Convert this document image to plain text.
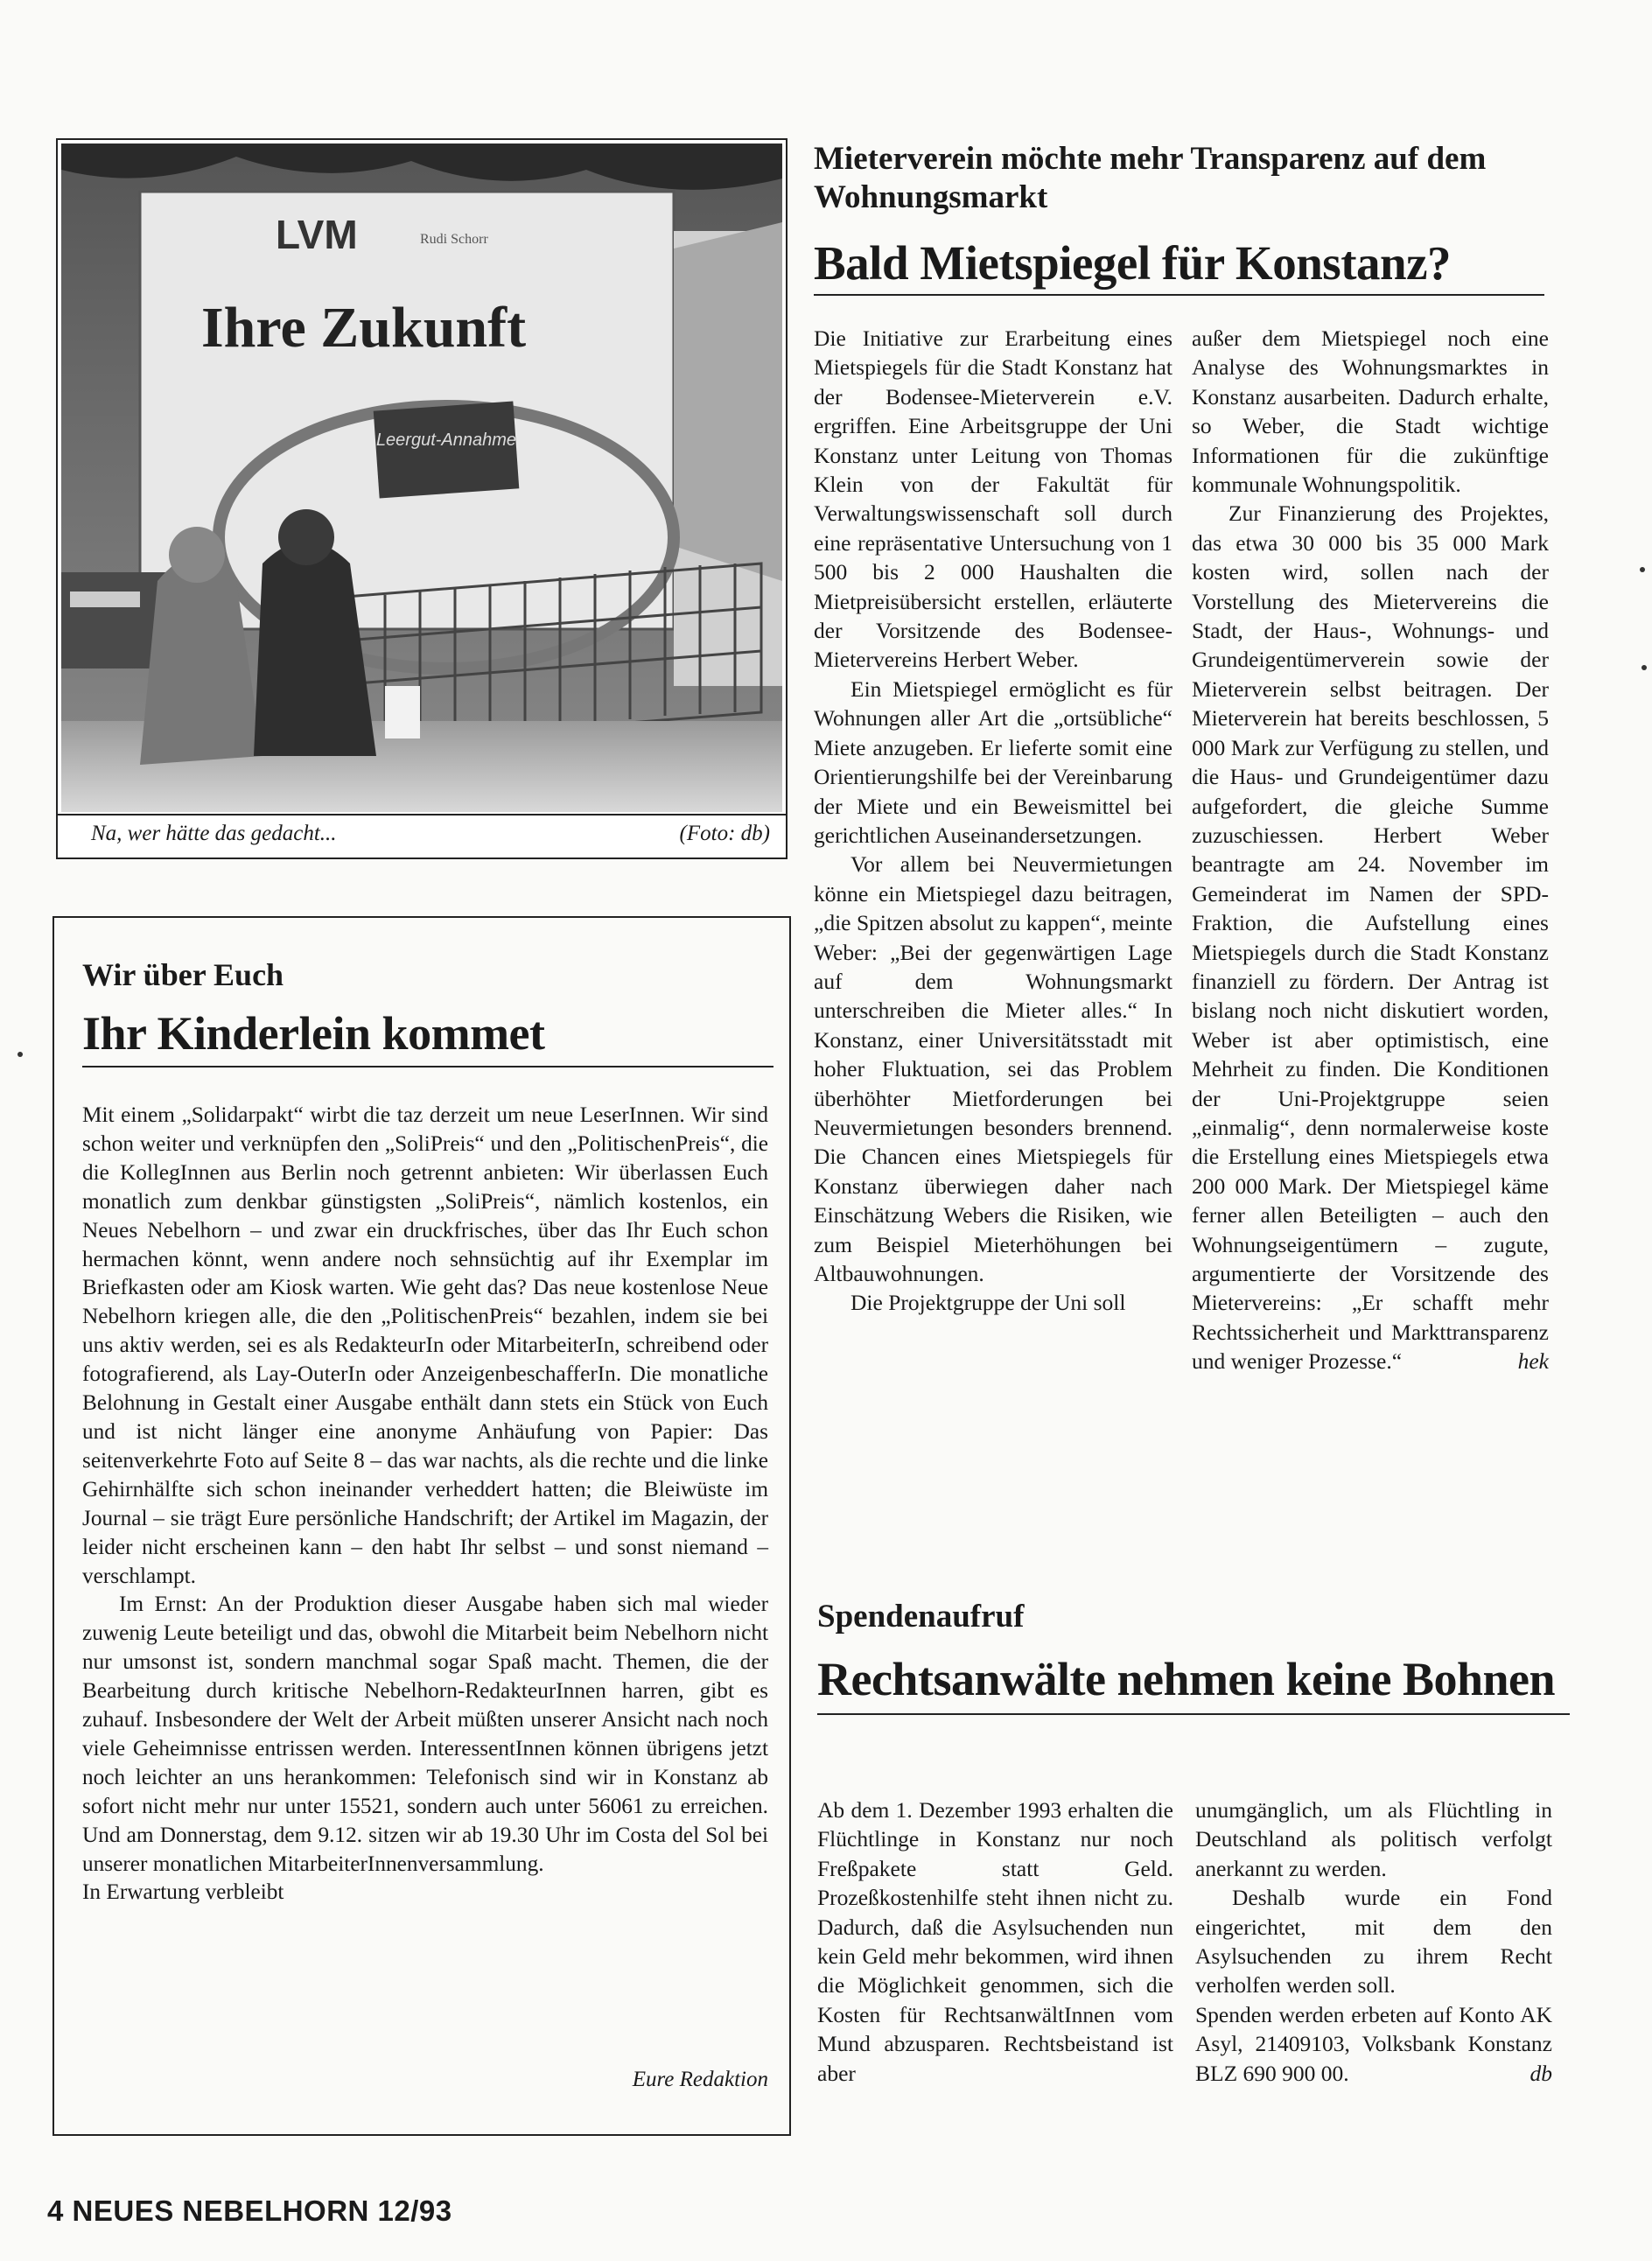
Leergut-Annahme
LVM	Rudi Schorr
Ihre Zukunft
Na, wer hätte das gedacht...	(Foto: db)
Mieterverein möchte mehr Transparenz auf dem Wohnungsmarkt
Bald Mietspiegel für Konstanz?

Die Initiative zur Erarbeitung eines Mietspiegels für die Stadt Konstanz hat der Bodensee-Mieterverein e.V. ergriffen. Eine Arbeitsgruppe der Uni Konstanz unter Leitung von Thomas Klein von der Fakultät für Verwaltungswissenschaft soll durch eine repräsentative Untersuchung von 1 500 bis 2 000 Haushalten die Mietpreisübersicht erstellen, erläuterte der Vorsitzende des Bodensee-Mietervereins Herbert Weber.

Ein Mietspiegel ermöglicht es für Wohnungen aller Art die „ortsübliche“ Miete anzugeben. Er lieferte somit eine Orientierungshilfe bei der Vereinbarung der Miete und ein Beweismittel bei gerichtlichen Auseinandersetzungen.

Vor allem bei Neuvermietungen könne ein Mietspiegel dazu beitragen, „die Spitzen absolut zu kappen“, meinte Weber: „Bei der gegenwärtigen Lage auf dem Wohnungsmarkt unterschreiben die Mieter alles.“ In Konstanz, einer Universitätsstadt mit hoher Fluktuation, sei das Problem überhöhter Mietforderungen bei Neuvermietungen besonders brennend. Die Chancen eines Mietspiegels für Konstanz überwiegen daher nach Einschätzung Webers die Risiken, wie zum Beispiel Mieterhöhungen bei Altbauwohnungen.

Die Projektgruppe der Uni soll

außer dem Mietspiegel noch eine Analyse des Wohnungsmarktes in Konstanz ausarbeiten. Dadurch erhalte, so Weber, die Stadt wichtige Informationen für die zukünftige kommunale Wohnungspolitik.

Zur Finanzierung des Projektes, das etwa 30 000 bis 35 000 Mark kosten wird, sollen nach der Vorstellung des Mietervereins die Stadt, der Haus-, Wohnungs- und Grundeigentümerverein sowie der Mieterverein selbst beitragen. Der Mieterverein hat bereits beschlossen, 5 000 Mark zur Verfügung zu stellen, und die Haus- und Grundeigentümer dazu aufgefordert, die gleiche Summe zuzuschiessen. Herbert Weber beantragte am 24. November im Gemeinderat im Namen der SPD-Fraktion, die Aufstellung eines Mietspiegels durch die Stadt Konstanz finanziell zu fördern. Der Antrag ist bislang noch nicht diskutiert worden, Weber ist aber optimistisch, eine Mehrheit zu finden. Die Konditionen der Uni-Projektgruppe seien „einmalig“, denn normalerweise koste die Erstellung eines Mietspiegels etwa 200 000 Mark. Der Mietspiegel käme ferner allen Beteiligten – auch den Wohnungseigentümern – zugute, argumentierte der Vorsitzende des Mietervereins: „Er schafft mehr Rechtssicherheit und Markttransparenz und weniger Prozesse.“	hek

Wir über Euch
Ihr Kinderlein kommet

Mit einem „Solidarpakt“ wirbt die taz derzeit um neue LeserInnen. Wir sind schon weiter und verknüpfen den „SoliPreis“ und den „PolitischenPreis“, die die KollegInnen aus Berlin noch getrennt anbieten: Wir überlassen Euch monatlich zum denkbar günstigsten „SoliPreis“, nämlich kostenlos, ein Neues Nebelhorn – und zwar ein druckfrisches, über das Ihr Euch schon hermachen könnt, wenn andere noch sehnsüchtig auf ihr Exemplar im Briefkasten oder am Kiosk warten. Wie geht das? Das neue kostenlose Neue Nebelhorn kriegen alle, die den „PolitischenPreis“ bezahlen, indem sie bei uns aktiv werden, sei es als RedakteurIn oder MitarbeiterIn, schreibend oder fotografierend, als Lay-OuterIn oder AnzeigenbeschafferIn. Die monatliche Belohnung in Gestalt einer Ausgabe enthält dann stets ein Stück von Euch und ist nicht länger eine anonyme Anhäufung von Papier: Das seitenverkehrte Foto auf Seite 8 – das war nachts, als die rechte und die linke Gehirnhälfte sich schon ineinander verheddert hatten; die Bleiwüste im Journal – sie trägt Eure persönliche Handschrift; der Artikel im Magazin, der leider nicht erscheinen kann – den habt Ihr selbst – und sonst niemand – verschlampt.

Im Ernst: An der Produktion dieser Ausgabe haben sich mal wieder zuwenig Leute beteiligt und das, obwohl die Mitarbeit beim Nebelhorn nicht nur umsonst ist, sondern manchmal sogar Spaß macht. Themen, die der Bearbeitung durch kritische Nebelhorn-RedakteurInnen harren, gibt es zuhauf. Insbesondere der Welt der Arbeit müßten unserer Ansicht nach noch viele Geheimnisse entrissen werden. InteressentInnen können übrigens jetzt noch leichter an uns herankommen: Telefonisch sind wir in Konstanz ab sofort nicht mehr nur unter 15521, sondern auch unter 56061 zu erreichen. Und am Donnerstag, dem 9.12. sitzen wir ab 19.30 Uhr im Costa del Sol bei unserer monatlichen MitarbeiterInnenversammlung.

In Erwartung verbleibt

Eure Redaktion
Spendenaufruf
Rechtsanwälte nehmen keine Bohnen

Ab dem 1. Dezember 1993 erhalten die Flüchtlinge in Konstanz nur noch Freßpakete statt Geld. Prozeßkostenhilfe steht ihnen nicht zu. Dadurch, daß die Asylsuchenden nun kein Geld mehr bekommen, wird ihnen die Möglichkeit genommen, sich die Kosten für RechtsanwältInnen vom Mund abzusparen. Rechtsbeistand ist aber

unumgänglich, um als Flüchtling in Deutschland als politisch verfolgt anerkannt zu werden.

Deshalb wurde ein Fond eingerichtet, mit dem den Asylsuchenden zu ihrem Recht verholfen werden soll.

Spenden werden erbeten auf Konto AK Asyl, 21409103, Volksbank Konstanz BLZ 690 900 00.	db

4 NEUES NEBELHORN 12/93
